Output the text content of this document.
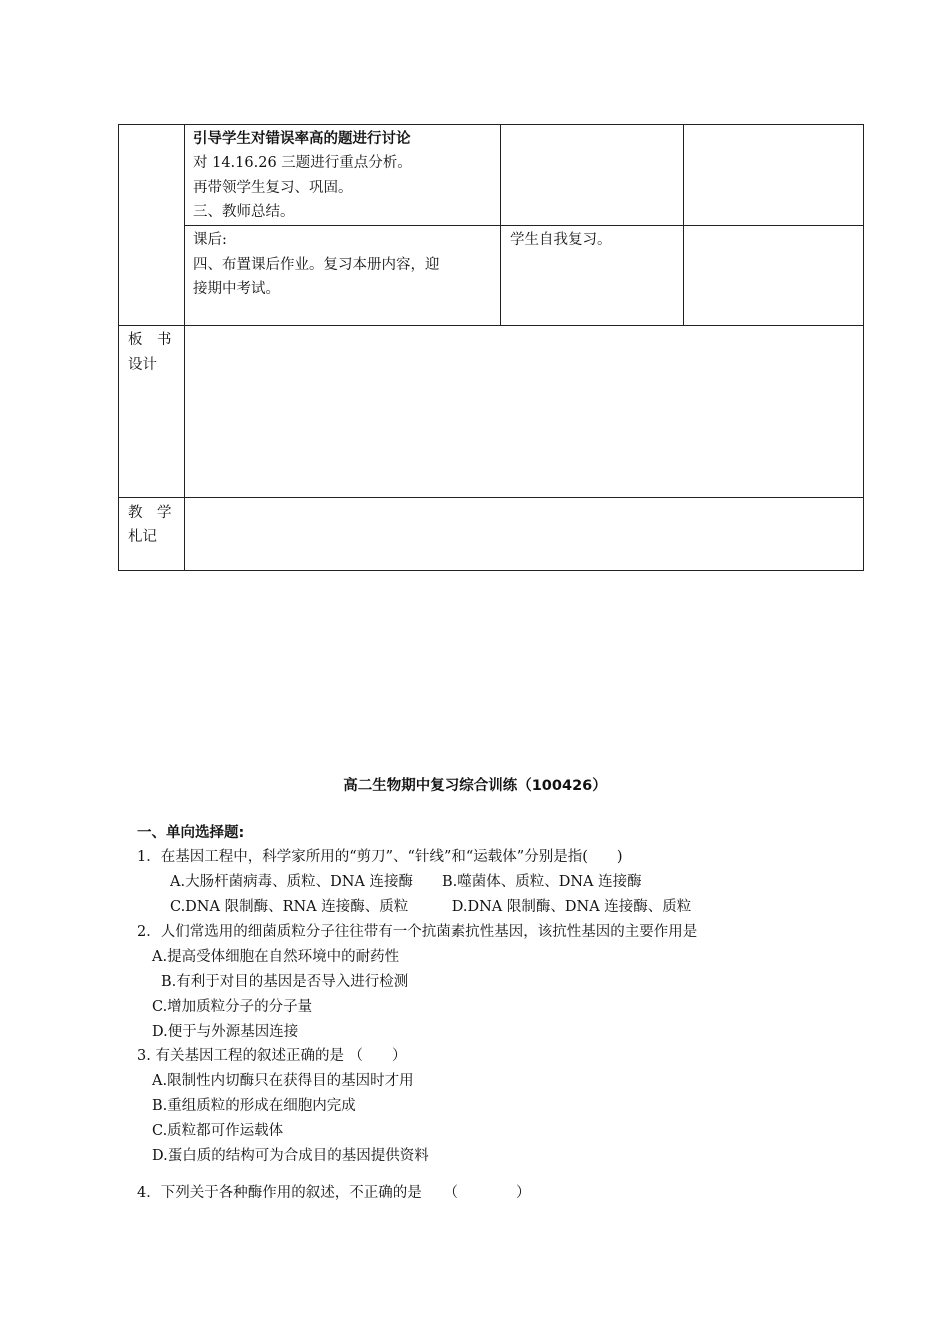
引导学生对错误率高的题进行讨论
对 14.16.26 三题进行重点分析。
再带领学生复习、巩固。
三、教师总结。
课后:
四、布置课后作业。复习本册内容，迎
接期中考试。
学生自我复习。
板　书
设计
教　学
札记
高二生物期中复习综合训练（100426）
一、单向选择题:
1．在基因工程中，科学家所用的“剪刀”、“针线”和“运载体”分别是指(　　)
A.大肠杆菌病毒、质粒、DNA 连接酶　　B.噬菌体、质粒、DNA 连接酶
C.DNA 限制酶、RNA 连接酶、质粒　　　D.DNA 限制酶、DNA 连接酶、质粒
2．人们常选用的细菌质粒分子往往带有一个抗菌素抗性基因，该抗性基因的主要作用是
A.提高受体细胞在自然环境中的耐药性
B.有利于对目的基因是否导入进行检测
C.增加质粒分子的分子量
D.便于与外源基因连接
3. 有关基因工程的叙述正确的是 （　　）
A.限制性内切酶只在获得目的基因时才用
B.重组质粒的形成在细胞内完成
C.质粒都可作运载体
D.蛋白质的结构可为合成目的基因提供资料
4．下列关于各种酶作用的叙述，不正确的是　　（　　　　）
